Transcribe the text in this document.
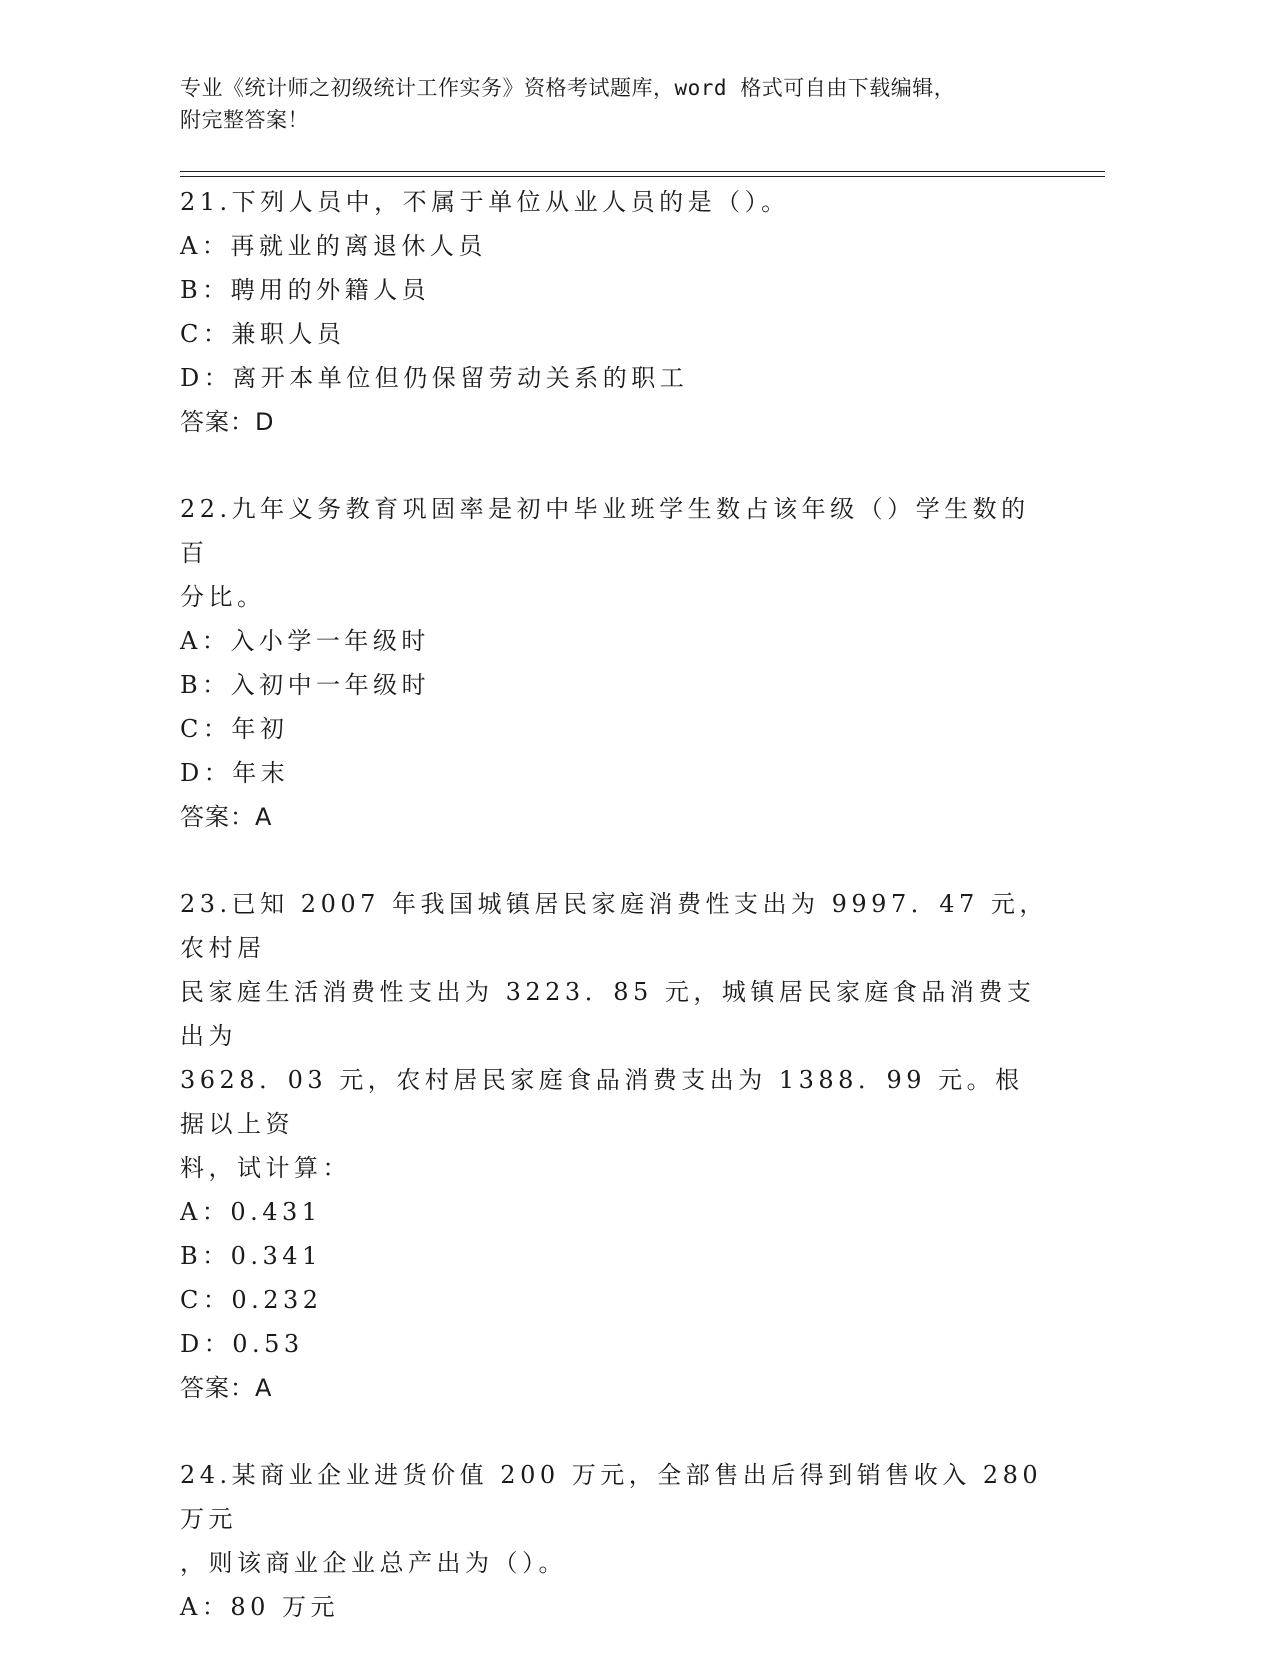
专业《统计师之初级统计工作实务》资格考试题库，word 格式可自由下载编辑，
附完整答案！

21.下列人员中，不属于单位从业人员的是（）。

A：再就业的离退休人员

B：聘用的外籍人员

C：兼职人员

D：离开本单位但仍保留劳动关系的职工

答案：D

22.九年义务教育巩固率是初中毕业班学生数占该年级（）学生数的百

分比。

A：入小学一年级时

B：入初中一年级时

C：年初

D：年末

答案：A

23.已知 2007 年我国城镇居民家庭消费性支出为 9997．47 元，农村居

民家庭生活消费性支出为 3223．85 元，城镇居民家庭食品消费支出为

3628．03 元，农村居民家庭食品消费支出为 1388．99 元。根据以上资

料，试计算：

A：0.431

B：0.341

C：0.232

D：0.53

答案：A

24.某商业企业进货价值 200 万元，全部售出后得到销售收入 280 万元

，则该商业企业总产出为（）。

A：80 万元
